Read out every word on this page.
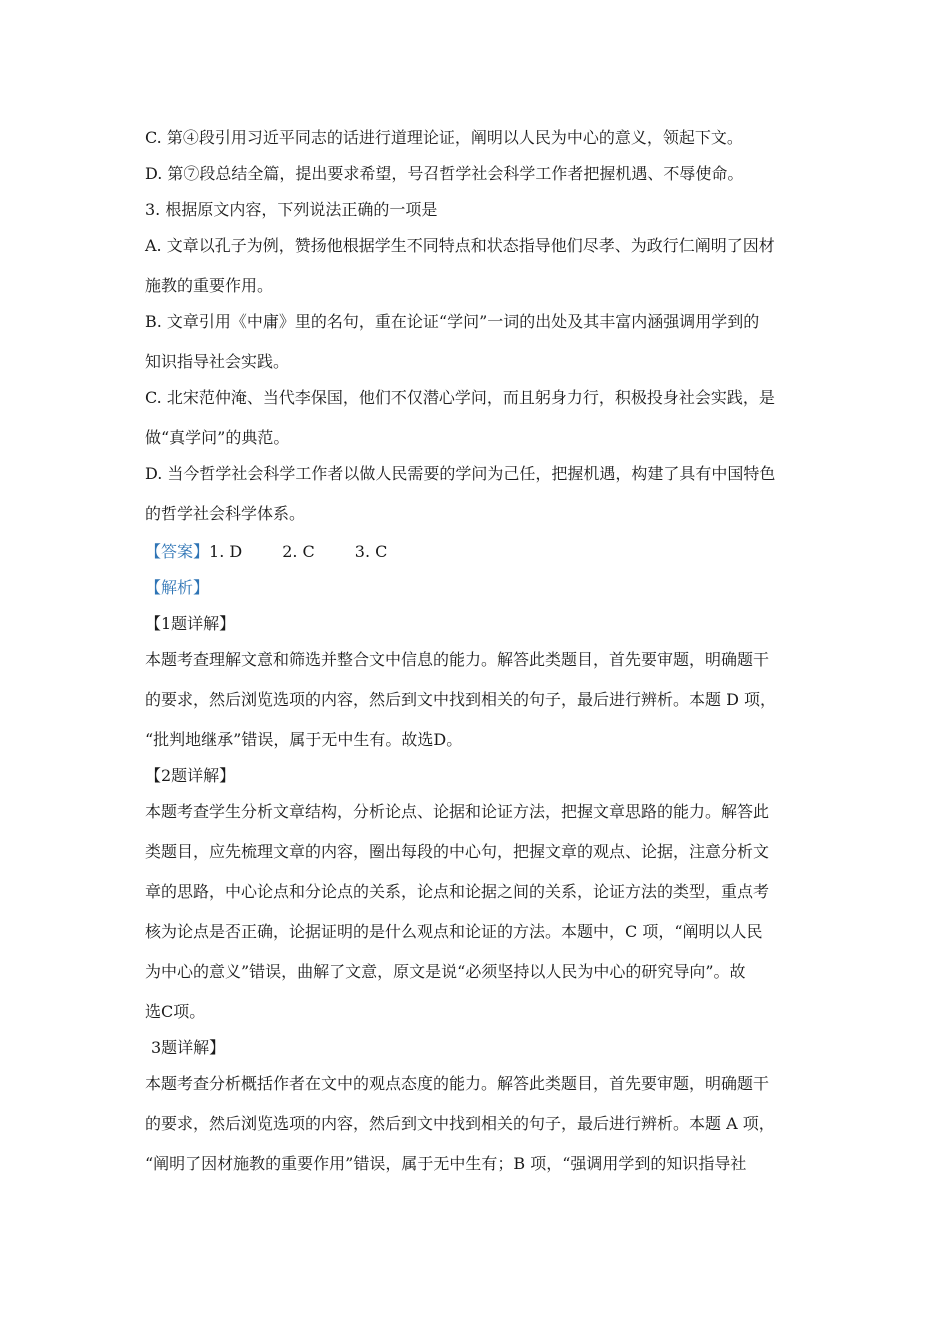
C. 第④段引用习近平同志的话进行道理论证，阐明以人民为中心的意义，领起下文。
D. 第⑦段总结全篇，提出要求希望，号召哲学社会科学工作者把握机遇、不辱使命。
3. 根据原文内容，下列说法正确的一项是
A. 文章以孔子为例，赞扬他根据学生不同特点和状态指导他们尽孝、为政行仁阐明了因材
施教的重要作用。
B. 文章引用《中庸》里的名句，重在论证“学问”一词的出处及其丰富内涵强调用学到的
知识指导社会实践。
C. 北宋范仲淹、当代李保国，他们不仅潜心学问，而且躬身力行，积极投身社会实践，是
做“真学问”的典范。
D. 当今哲学社会科学工作者以做人民需要的学问为己任，把握机遇，构建了具有中国特色
的哲学社会科学体系。
【答案】1. D	2. C	3. C
【解析】
【1题详解】
本题考查理解文意和筛选并整合文中信息的能力。解答此类题目，首先要审题，明确题干
的要求，然后浏览选项的内容，然后到文中找到相关的句子，最后进行辨析。本题 D 项，
“批判地继承”错误，属于无中生有。故选D。
【2题详解】
本题考查学生分析文章结构，分析论点、论据和论证方法，把握文章思路的能力。解答此
类题目，应先梳理文章的内容，圈出每段的中心句，把握文章的观点、论据，注意分析文
章的思路，中心论点和分论点的关系，论点和论据之间的关系，论证方法的类型，重点考
核为论点是否正确，论据证明的是什么观点和论证的方法。本题中，C 项，“阐明以人民
为中心的意义”错误，曲解了文意，原文是说“必须坚持以人民为中心的研究导向”。故
选C项。
3题详解】
本题考查分析概括作者在文中的观点态度的能力。解答此类题目，首先要审题，明确题干
的要求，然后浏览选项的内容，然后到文中找到相关的句子，最后进行辨析。本题 A 项，
“阐明了因材施教的重要作用”错误，属于无中生有；B 项，“强调用学到的知识指导社
